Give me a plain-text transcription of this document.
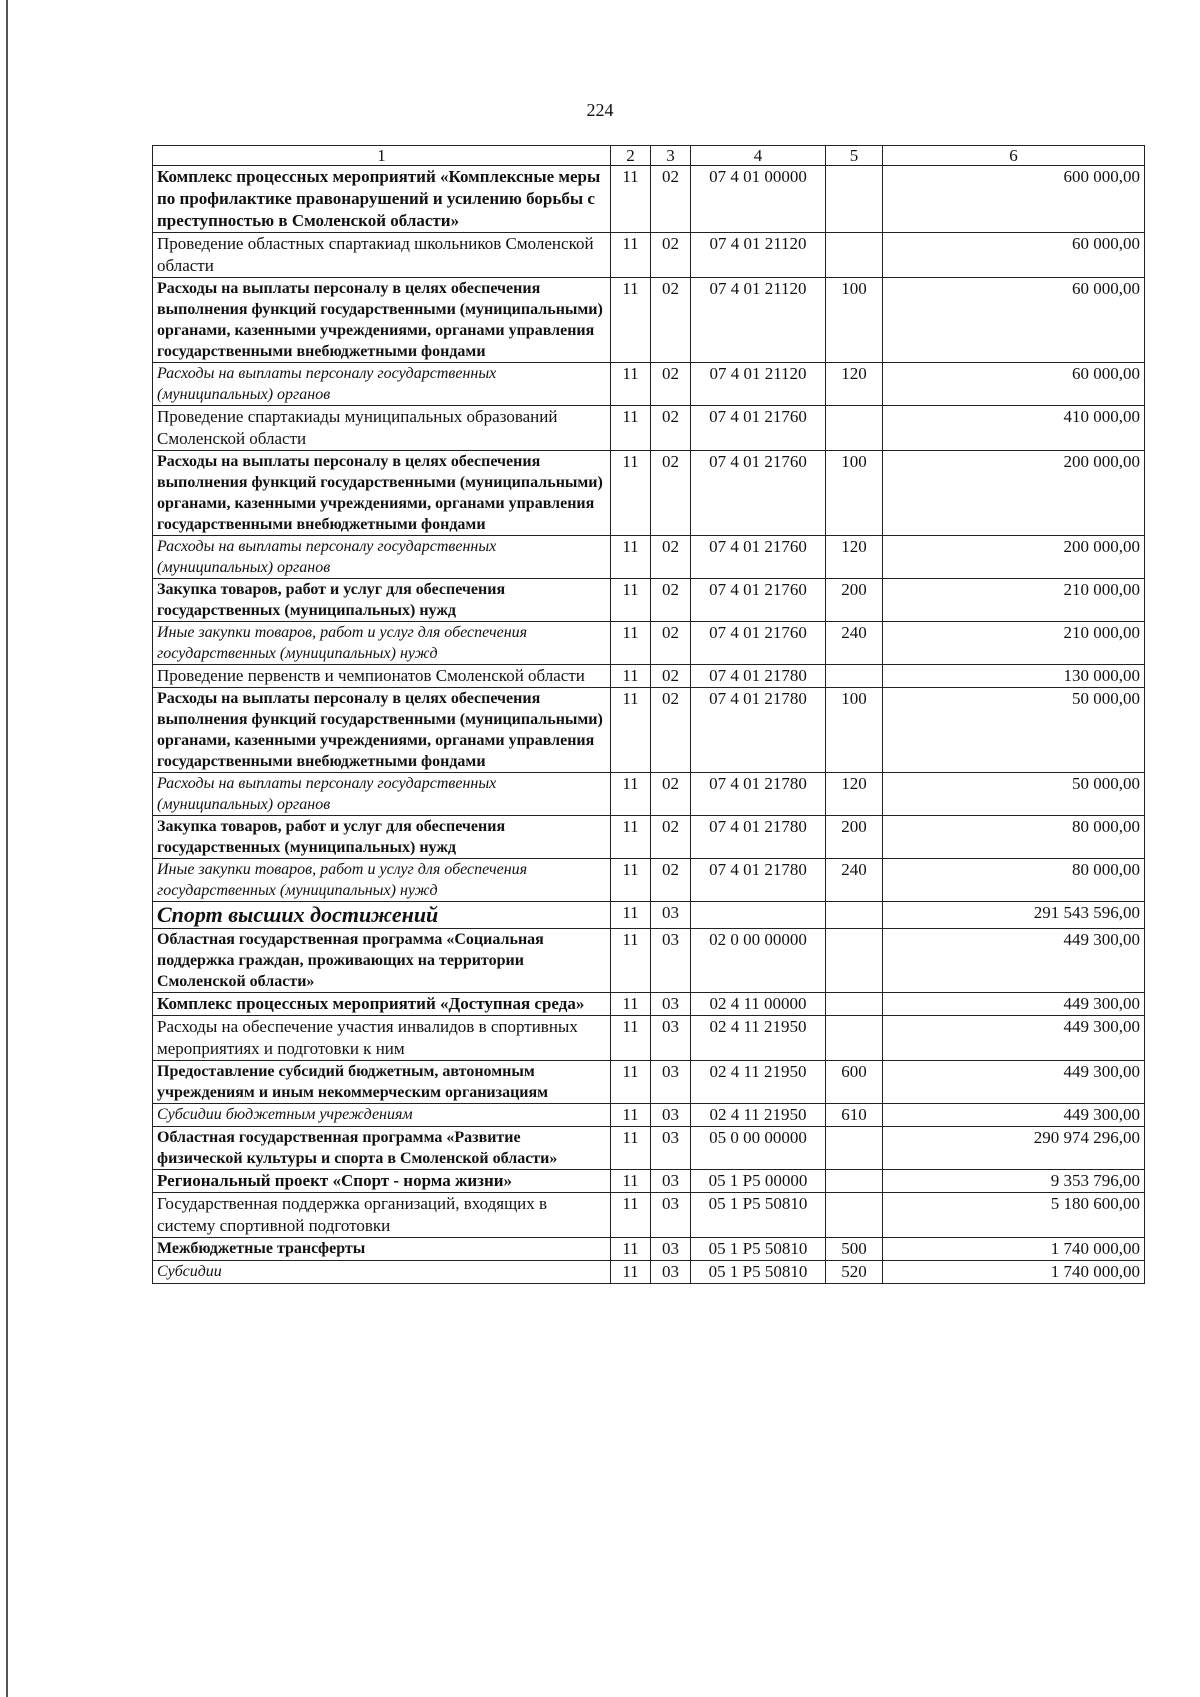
224
1	2	3	4	5	6
Комплекс процессных мероприятий «Комплексные меры по профилактике правонарушений и усилению борьбы с преступностью в Смоленской области»	11	02	07 4 01 00000		600 000,00
Проведение областных спартакиад школьников Смоленской области	11	02	07 4 01 21120		60 000,00
Расходы на выплаты персоналу в целях обеспечения выполнения функций государственными (муниципальными) органами, казенными учреждениями, органами управления государственными внебюджетными фондами	11	02	07 4 01 21120	100	60 000,00
Расходы на выплаты персоналу государственных (муниципальных) органов	11	02	07 4 01 21120	120	60 000,00
Проведение спартакиады муниципальных образований Смоленской области	11	02	07 4 01 21760		410 000,00
Расходы на выплаты персоналу в целях обеспечения выполнения функций государственными (муниципальными) органами, казенными учреждениями, органами управления государственными внебюджетными фондами	11	02	07 4 01 21760	100	200 000,00
Расходы на выплаты персоналу государственных (муниципальных) органов	11	02	07 4 01 21760	120	200 000,00
Закупка товаров, работ и услуг для обеспечения государственных (муниципальных) нужд	11	02	07 4 01 21760	200	210 000,00
Иные закупки товаров, работ и услуг для обеспечения государственных (муниципальных) нужд	11	02	07 4 01 21760	240	210 000,00
Проведение первенств и чемпионатов Смоленской области	11	02	07 4 01 21780		130 000,00
Расходы на выплаты персоналу в целях обеспечения выполнения функций государственными (муниципальными) органами, казенными учреждениями, органами управления государственными внебюджетными фондами	11	02	07 4 01 21780	100	50 000,00
Расходы на выплаты персоналу государственных (муниципальных) органов	11	02	07 4 01 21780	120	50 000,00
Закупка товаров, работ и услуг для обеспечения государственных (муниципальных) нужд	11	02	07 4 01 21780	200	80 000,00
Иные закупки товаров, работ и услуг для обеспечения государственных (муниципальных) нужд	11	02	07 4 01 21780	240	80 000,00
Спорт высших достижений	11	03			291 543 596,00
Областная государственная программа «Социальная поддержка граждан, проживающих на территории Смоленской области»	11	03	02 0 00 00000		449 300,00
Комплекс процессных мероприятий «Доступная среда»	11	03	02 4 11 00000		449 300,00
Расходы на обеспечение участия инвалидов в спортивных мероприятиях и подготовки к ним	11	03	02 4 11 21950		449 300,00
Предоставление субсидий бюджетным, автономным учреждениям и иным некоммерческим организациям	11	03	02 4 11 21950	600	449 300,00
Субсидии бюджетным учреждениям	11	03	02 4 11 21950	610	449 300,00
Областная государственная программа «Развитие физической культуры и спорта в Смоленской области»	11	03	05 0 00 00000		290 974 296,00
Региональный проект «Спорт - норма жизни»	11	03	05 1 Р5 00000		9 353 796,00
Государственная поддержка организаций, входящих в систему спортивной подготовки	11	03	05 1 Р5 50810		5 180 600,00
Межбюджетные трансферты	11	03	05 1 Р5 50810	500	1 740 000,00
Субсидии	11	03	05 1 Р5 50810	520	1 740 000,00
